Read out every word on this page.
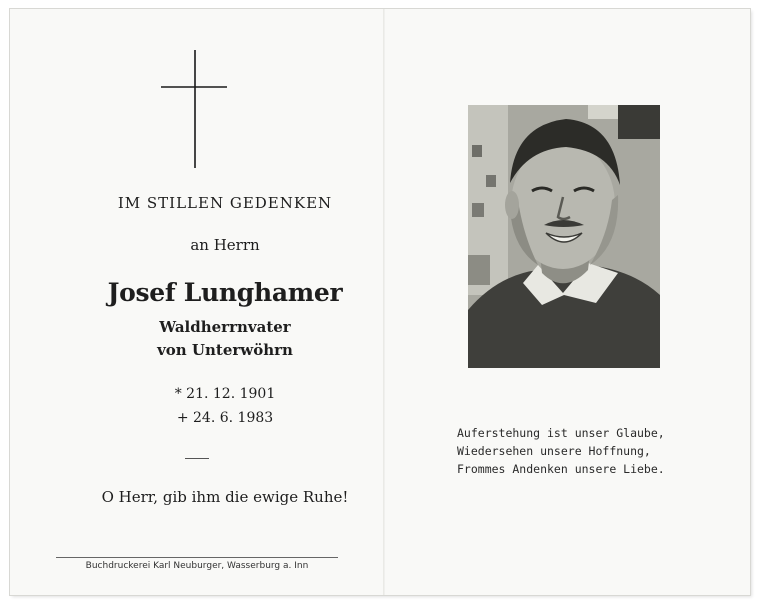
IM STILLEN GEDENKEN
an Herrn
Josef Lunghamer
Waldherrnvater
von Unterwöhrn
* 21. 12. 1901
+ 24. 6. 1983
O Herr, gib ihm die ewige Ruhe!
Buchdruckerei Karl Neuburger, Wasserburg a. Inn
Auferstehung ist unser Glaube,
Wiedersehen unsere Hoffnung,
Frommes Andenken unsere Liebe.
